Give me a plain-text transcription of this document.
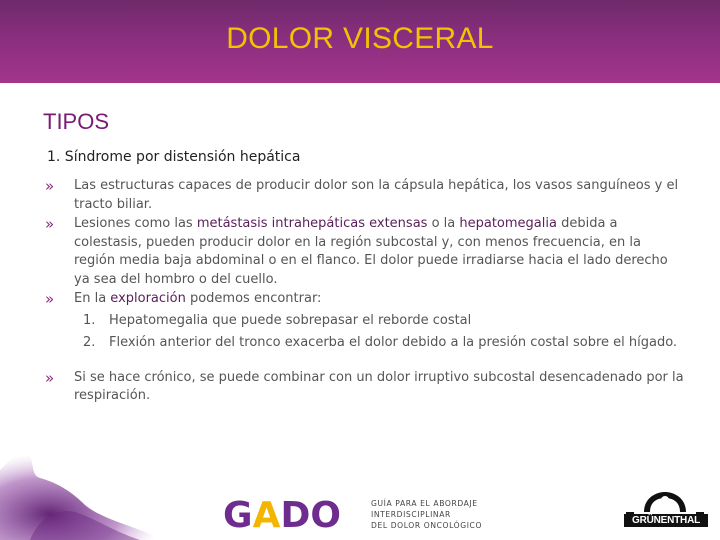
DOLOR VISCERAL
TIPOS
1. Síndrome por distensión hepática
» Las estructuras capaces de producir dolor son la cápsula hepática, los vasos sanguíneos y el tracto biliar.
» Lesiones como las metástasis intrahepáticas extensas o la hepatomegalia debida a colestasis, pueden producir dolor en la región subcostal y, con menos frecuencia, en la región media baja abdominal o en el flanco. El dolor puede irradiarse hacia el lado derecho ya sea del hombro o del cuello.
» En la exploración podemos encontrar:
1. Hepatomegalia que puede sobrepasar el reborde costal
2. Flexión anterior del tronco exacerba el dolor debido a la presión costal sobre el hígado.
» Si se hace crónico, se puede combinar con un dolor irruptivo subcostal desencadenado por la respiración.
GADO	GUÍA PARA EL ABORDAJE
INTERDISCIPLINAR
DEL DOLOR ONCOLÓGICO	GRÜNENTHAL
